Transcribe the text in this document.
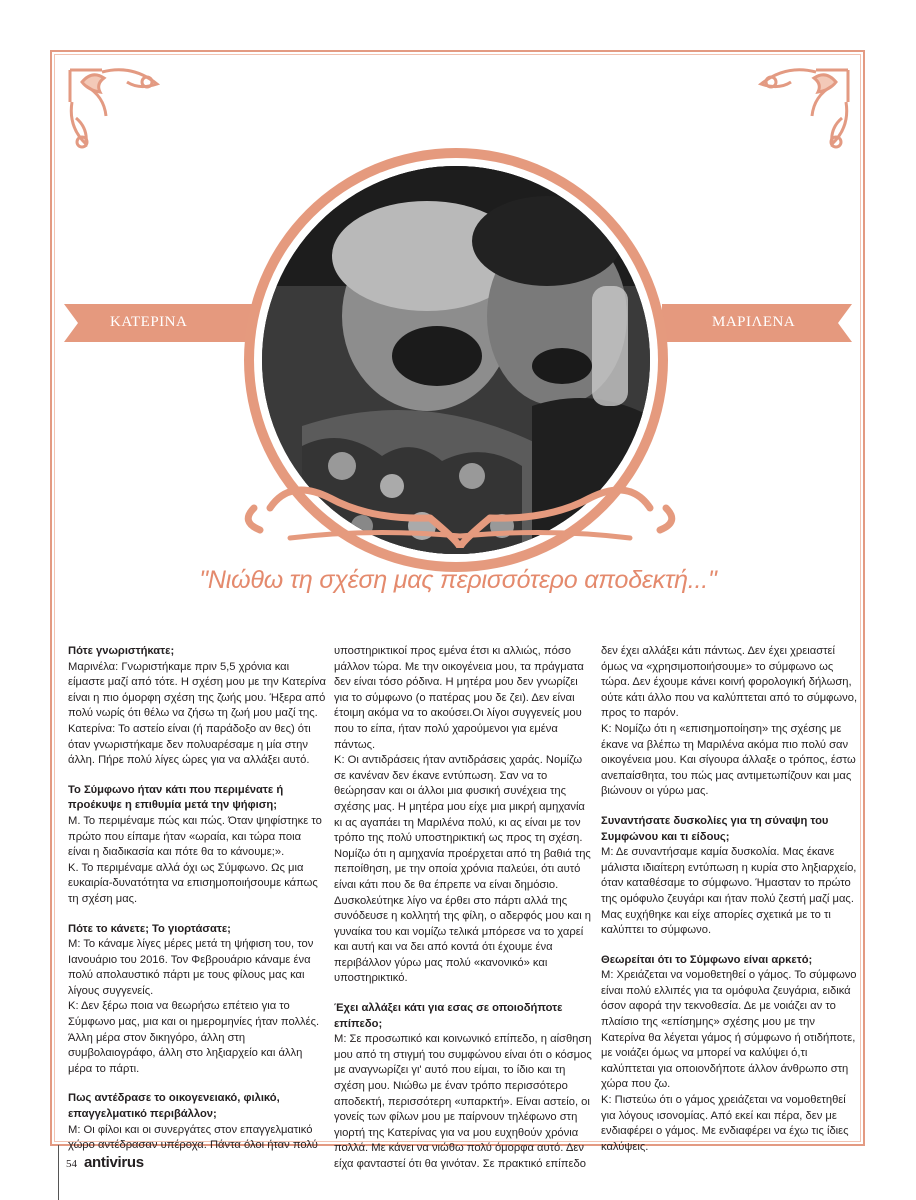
ΚΑΤΕΡΙΝΑ	ΜΑΡΙΛΕΝΑ
"Νιώθω τη σχέση μας περισσότερο αποδεκτή..."
Πότε γνωριστήκατε;

Μαρινέλα: Γνωριστήκαμε πριν 5,5 χρόνια και είμαστε μαζί από τότε. Η σχέση μου με την Κατερίνα είναι η πιο όμορφη σχέση της ζωής μου. Ήξερα από πολύ νωρίς ότι θέλω να ζήσω τη ζωή μου μαζί της.

Κατερίνα: Το αστείο είναι (ή παράδοξο αν θες) ότι όταν γνωριστήκαμε δεν πολυαρέσαμε η μία στην άλλη. Πήρε πολύ λίγες ώρες για να αλλάξει αυτό.

Το Σύμφωνο ήταν κάτι που περιμένατε ή προέκυψε η επιθυμία μετά την ψήφιση;

Μ. Το περιμέναμε πώς και πώς. Όταν ψηφίστηκε το πρώτο που είπαμε ήταν «ωραία, και τώρα ποια είναι η διαδικασία και πότε θα το κάνουμε;».

Κ. Το περιμέναμε αλλά όχι ως Σύμφωνο. Ως μια ευκαιρία-δυνατότητα να επισημοποιήσουμε κάπως τη σχέση μας.

Πότε το κάνετε; Το γιορτάσατε;

Μ: Το κάναμε λίγες μέρες μετά τη ψήφιση του, τον Ιανουάριο του 2016. Τον Φεβρουάριο κάναμε ένα πολύ απολαυστικό πάρτι με τους φίλους μας και λίγους συγγενείς.

Κ: Δεν ξέρω ποια να θεωρήσω επέτειο για το Σύμφωνο μας, μια και οι ημερομηνίες ήταν πολλές. Άλλη μέρα στον δικηγόρο, άλλη στη συμβολαιογράφο, άλλη στο ληξιαρχείο και άλλη μέρα το πάρτι.

Πως αντέδρασε το οικογενειακό, φιλικό, επαγγελματικό περιβάλλον;

Μ: Οι φίλοι και οι συνεργάτες στον επαγγελματικό χώρο αντέδρασαν υπέροχα. Πάντα όλοι ήταν πολύ

υποστηρικτικοί προς εμένα έτσι κι αλλιώς, πόσο μάλλον τώρα. Με την οικογένεια μου, τα πράγματα δεν είναι τόσο ρόδινα. Η μητέρα μου δεν γνωρίζει για το σύμφωνο (ο πατέρας μου δε ζει). Δεν είναι έτοιμη ακόμα να το ακούσει.Οι λίγοι συγγενείς μου που το είπα, ήταν πολύ χαρούμενοι για εμένα πάντως.

Κ: Οι αντιδράσεις ήταν αντιδράσεις χαράς. Νομίζω σε κανέναν δεν έκανε εντύπωση. Σαν να το θεώρησαν και οι άλλοι μια φυσική συνέχεια της σχέσης μας. Η μητέρα μου είχε μια μικρή αμηχανία κι ας αγαπάει τη Μαριλένα πολύ, κι ας είναι με τον τρόπο της πολύ υποστηρικτική ως προς τη σχέση. Νομίζω ότι η αμηχανία προέρχεται από τη βαθιά της πεποίθηση, με την οποία χρόνια παλεύει, ότι αυτό είναι κάτι που δε θα έπρεπε να είναι δημόσιο. Δυσκολεύτηκε λίγο να έρθει στο πάρτι αλλά της συνόδευσε η κολλητή της φίλη, ο αδερφός μου και η γυναίκα του και νομίζω τελικά μπόρεσε να το χαρεί και αυτή και να δει από κοντά ότι έχουμε ένα περιβάλλον γύρω μας πολύ «κανονικό» και υποστηρικτικό.

Έχει αλλάξει κάτι για εσας σε οποιοδήποτε επίπεδο;

Μ: Σε προσωπικό και κοινωνικό επίπεδο, η αίσθηση μου από τη στιγμή του συμφώνου είναι ότι ο κόσμος με αναγνωρίζει γι' αυτό που είμαι, το ίδιο και τη σχέση μου. Νιώθω με έναν τρόπο περισσότερο αποδεκτή, περισσότερη «υπαρκτή». Είναι αστείο, οι γονείς των φίλων μου με παίρνουν τηλέφωνο στη γιορτή της Κατερίνας για να μου ευχηθούν χρόνια πολλά. Με κάνει να νιώθω πολύ όμορφα αυτό. Δεν είχα φανταστεί ότι θα γινόταν. Σε πρακτικό επίπεδο

δεν έχει αλλάξει κάτι πάντως. Δεν έχει χρειαστεί όμως να «χρησιμοποιήσουμε» το σύμφωνο ως τώρα. Δεν έχουμε κάνει κοινή φορολογική δήλωση, ούτε κάτι άλλο που να καλύπτεται από το σύμφωνο, προς το παρόν.

Κ: Νομίζω ότι η «επισημοποίηση» της σχέσης με έκανε να βλέπω τη Μαριλένα ακόμα πιο πολύ σαν οικογένεια μου. Και σίγουρα άλλαξε ο τρόπος, έστω ανεπαίσθητα, του πώς μας αντιμετωπίζουν και μας βιώνουν οι γύρω μας.

Συναντήσατε δυσκολίες για τη σύναψη του Συμφώνου και τι είδους;

Μ: Δε συναντήσαμε καμία δυσκολία. Μας έκανε μάλιστα ιδιαίτερη εντύπωση η κυρία στο ληξιαρχείο, όταν καταθέσαμε το σύμφωνο. Ήμασταν το πρώτο της ομόφυλο ζευγάρι και ήταν πολύ ζεστή μαζί μας. Μας ευχήθηκε και είχε απορίες σχετικά με το τι καλύπτει το σύμφωνο.

Θεωρείται ότι το Σύμφωνο είναι αρκετό;

Μ: Χρειάζεται να νομοθετηθεί ο γάμος. Το σύμφωνο είναι πολύ ελλιπές για τα ομόφυλα ζευγάρια, ειδικά όσον αφορά την τεκνοθεσία. Δε με νοιάζει αν το πλαίσιο της «επίσημης» σχέσης μου με την Κατερίνα θα λέγεται γάμος ή σύμφωνο ή οτιδήποτε, με νοιάζει όμως να μπορεί να καλύψει ό,τι καλύπτεται για οποιονδήποτε άλλον άνθρωπο στη χώρα που ζω.

Κ: Πιστεύω ότι ο γάμος χρειάζεται να νομοθετηθεί για λόγους ισονομίας. Από εκεί και πέρα, δεν με ενδιαφέρει ο γάμος. Με ενδιαφέρει να έχω τις ίδιες καλύψεις.

54 antivirus
